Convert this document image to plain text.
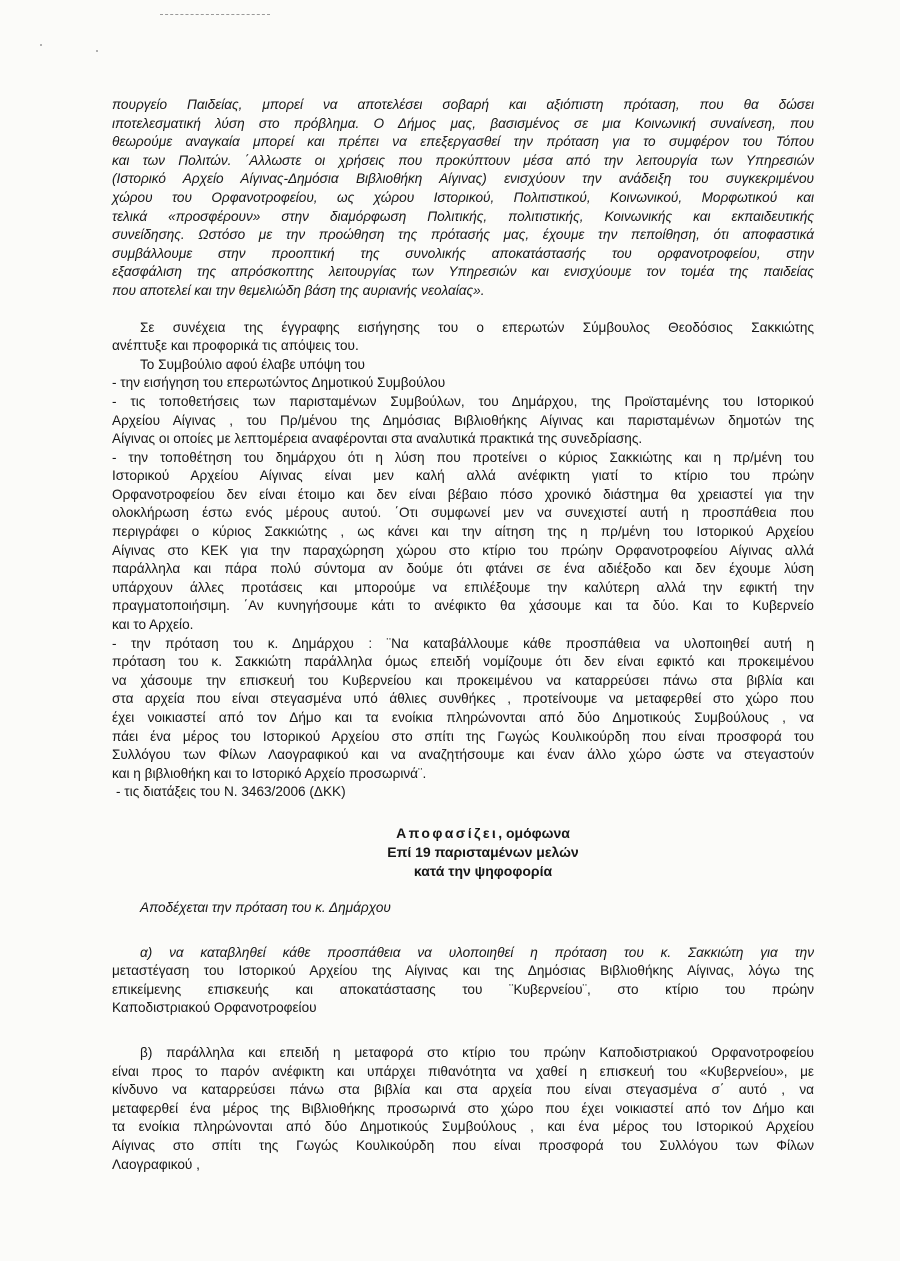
πουργείο Παιδείας, μπορεί να αποτελέσει σοβαρή και αξιόπιστη πρόταση, που θα δώσει
ιποτελεσματική λύση στο πρόβλημα. Ο Δήμος μας, βασισμένος σε μια Κοινωνική συναίνεση, που
θεωρούμε αναγκαία μπορεί και πρέπει να επεξεργασθεί την πρόταση για το συμφέρον του Τόπου
και των Πολιτών. ΄Αλλωστε οι χρήσεις που προκύπτουν μέσα από την λειτουργία των Υπηρεσιών
(Ιστορικό Αρχείο Αίγινας-Δημόσια Βιβλιοθήκη Αίγινας) ενισχύουν την ανάδειξη του συγκεκριμένου
χώρου του Ορφανοτροφείου, ως χώρου Ιστορικού, Πολιτιστικού, Κοινωνικού, Μορφωτικού και
τελικά «προσφέρουν» στην διαμόρφωση Πολιτικής, πολιτιστικής, Κοινωνικής και εκπαιδευτικής
συνείδησης. Ωστόσο με την προώθηση της πρότασής μας, έχουμε την πεποίθηση, ότι αποφαστικά
συμβάλλουμε στην προοπτική της συνολικής αποκατάστασής του ορφανοτροφείου, στην
εξασφάλιση της απρόσκοπτης λειτουργίας των Υπηρεσιών και ενισχύουμε τον τομέα της παιδείας
που αποτελεί και την θεμελιώδη βάση της αυριανής νεολαίας».
Σε συνέχεια της έγγραφης εισήγησης του ο επερωτών Σύμβουλος Θεοδόσιος Σακκιώτης
ανέπτυξε και προφορικά τις απόψεις του.
Το Συμβούλιο αφού έλαβε υπόψη του
- την εισήγηση του επερωτώντος Δημοτικού Συμβούλου
- τις τοποθετήσεις των παρισταμένων Συμβούλων, του Δημάρχου, της Προϊσταμένης του Ιστορικού
Αρχείου Αίγινας , του Πρ/μένου της Δημόσιας Βιβλιοθήκης Αίγινας και παρισταμένων δημοτών της
Αίγινας οι οποίες με λεπτομέρεια αναφέρονται στα αναλυτικά πρακτικά της συνεδρίασης.
- την τοποθέτηση του δημάρχου ότι η λύση που προτείνει ο κύριος Σακκιώτης και η πρ/μένη του
Ιστορικού Αρχείου Αίγινας είναι μεν καλή αλλά ανέφικτη γιατί το κτίριο του πρώην
Ορφανοτροφείου δεν είναι έτοιμο και δεν είναι βέβαιο πόσο χρονικό διάστημα θα χρειαστεί για την
ολοκλήρωση έστω ενός μέρους αυτού. ΄Οτι συμφωνεί μεν να συνεχιστεί αυτή η προσπάθεια που
περιγράφει ο κύριος Σακκιώτης , ως κάνει και την αίτηση της η πρ/μένη του Ιστορικού Αρχείου
Αίγινας στο ΚΕΚ για την παραχώρηση χώρου στο κτίριο του πρώην Ορφανοτροφείου Αίγινας αλλά
παράλληλα και πάρα πολύ σύντομα αν δούμε ότι φτάνει σε ένα αδιέξοδο και δεν έχουμε λύση
υπάρχουν άλλες προτάσεις και μπορούμε να επιλέξουμε την καλύτερη αλλά την εφικτή την
πραγματοποιήσιμη. ΄Αν κυνηγήσουμε κάτι το ανέφικτο θα χάσουμε και τα δύο. Και το Κυβερνείο
και το Αρχείο.
- την πρόταση του κ. Δημάρχου : ¨Να καταβάλλουμε κάθε προσπάθεια να υλοποιηθεί αυτή η
πρόταση του κ. Σακκιώτη παράλληλα όμως επειδή νομίζουμε ότι δεν είναι εφικτό και προκειμένου
να χάσουμε την επισκευή του Κυβερνείου και προκειμένου να καταρρεύσει πάνω στα βιβλία και
στα αρχεία που είναι στεγασμένα υπό άθλιες συνθήκες , προτείνουμε να μεταφερθεί στο χώρο που
έχει νοικιαστεί από τον Δήμο και τα ενοίκια πληρώνονται από δύο Δημοτικούς Συμβούλους , να
πάει ένα μέρος του Ιστορικού Αρχείου στο σπίτι της Γωγώς Κουλικούρδη που είναι προσφορά του
Συλλόγου των Φίλων Λαογραφικού και να αναζητήσουμε και έναν άλλο χώρο ώστε να στεγαστούν
και η βιβλιοθήκη και το Ιστορικό Αρχείο προσωρινά¨.
- τις διατάξεις του Ν. 3463/2006 (ΔΚΚ)
Αποφασίζει, ομόφωνα
Επί 19 παρισταμένων μελών
κατά την ψηφοφορία
Αποδέχεται την πρόταση του κ. Δημάρχου
α) να καταβληθεί κάθε προσπάθεια να υλοποιηθεί η πρόταση του κ. Σακκιώτη για την
μεταστέγαση του Ιστορικού Αρχείου της Αίγινας και της Δημόσιας Βιβλιοθήκης Αίγινας, λόγω της
επικείμενης επισκευής και αποκατάστασης του ¨Κυβερνείου¨, στο κτίριο του πρώην
Καποδιστριακού Ορφανοτροφείου
β) παράλληλα και επειδή η μεταφορά στο κτίριο του πρώην Καποδιστριακού Ορφανοτροφείου
είναι προς το παρόν ανέφικτη και υπάρχει πιθανότητα να χαθεί η επισκευή του «Κυβερνείου», με
κίνδυνο να καταρρεύσει πάνω στα βιβλία και στα αρχεία που είναι στεγασμένα σ΄ αυτό , να
μεταφερθεί ένα μέρος της Βιβλιοθήκης προσωρινά στο χώρο που έχει νοικιαστεί από τον Δήμο και
τα ενοίκια πληρώνονται από δύο Δημοτικούς Συμβούλους , και ένα μέρος του Ιστορικού Αρχείου
Αίγινας στο σπίτι της Γωγώς Κουλικούρδη που είναι προσφορά του Συλλόγου των Φίλων
Λαογραφικού ,
